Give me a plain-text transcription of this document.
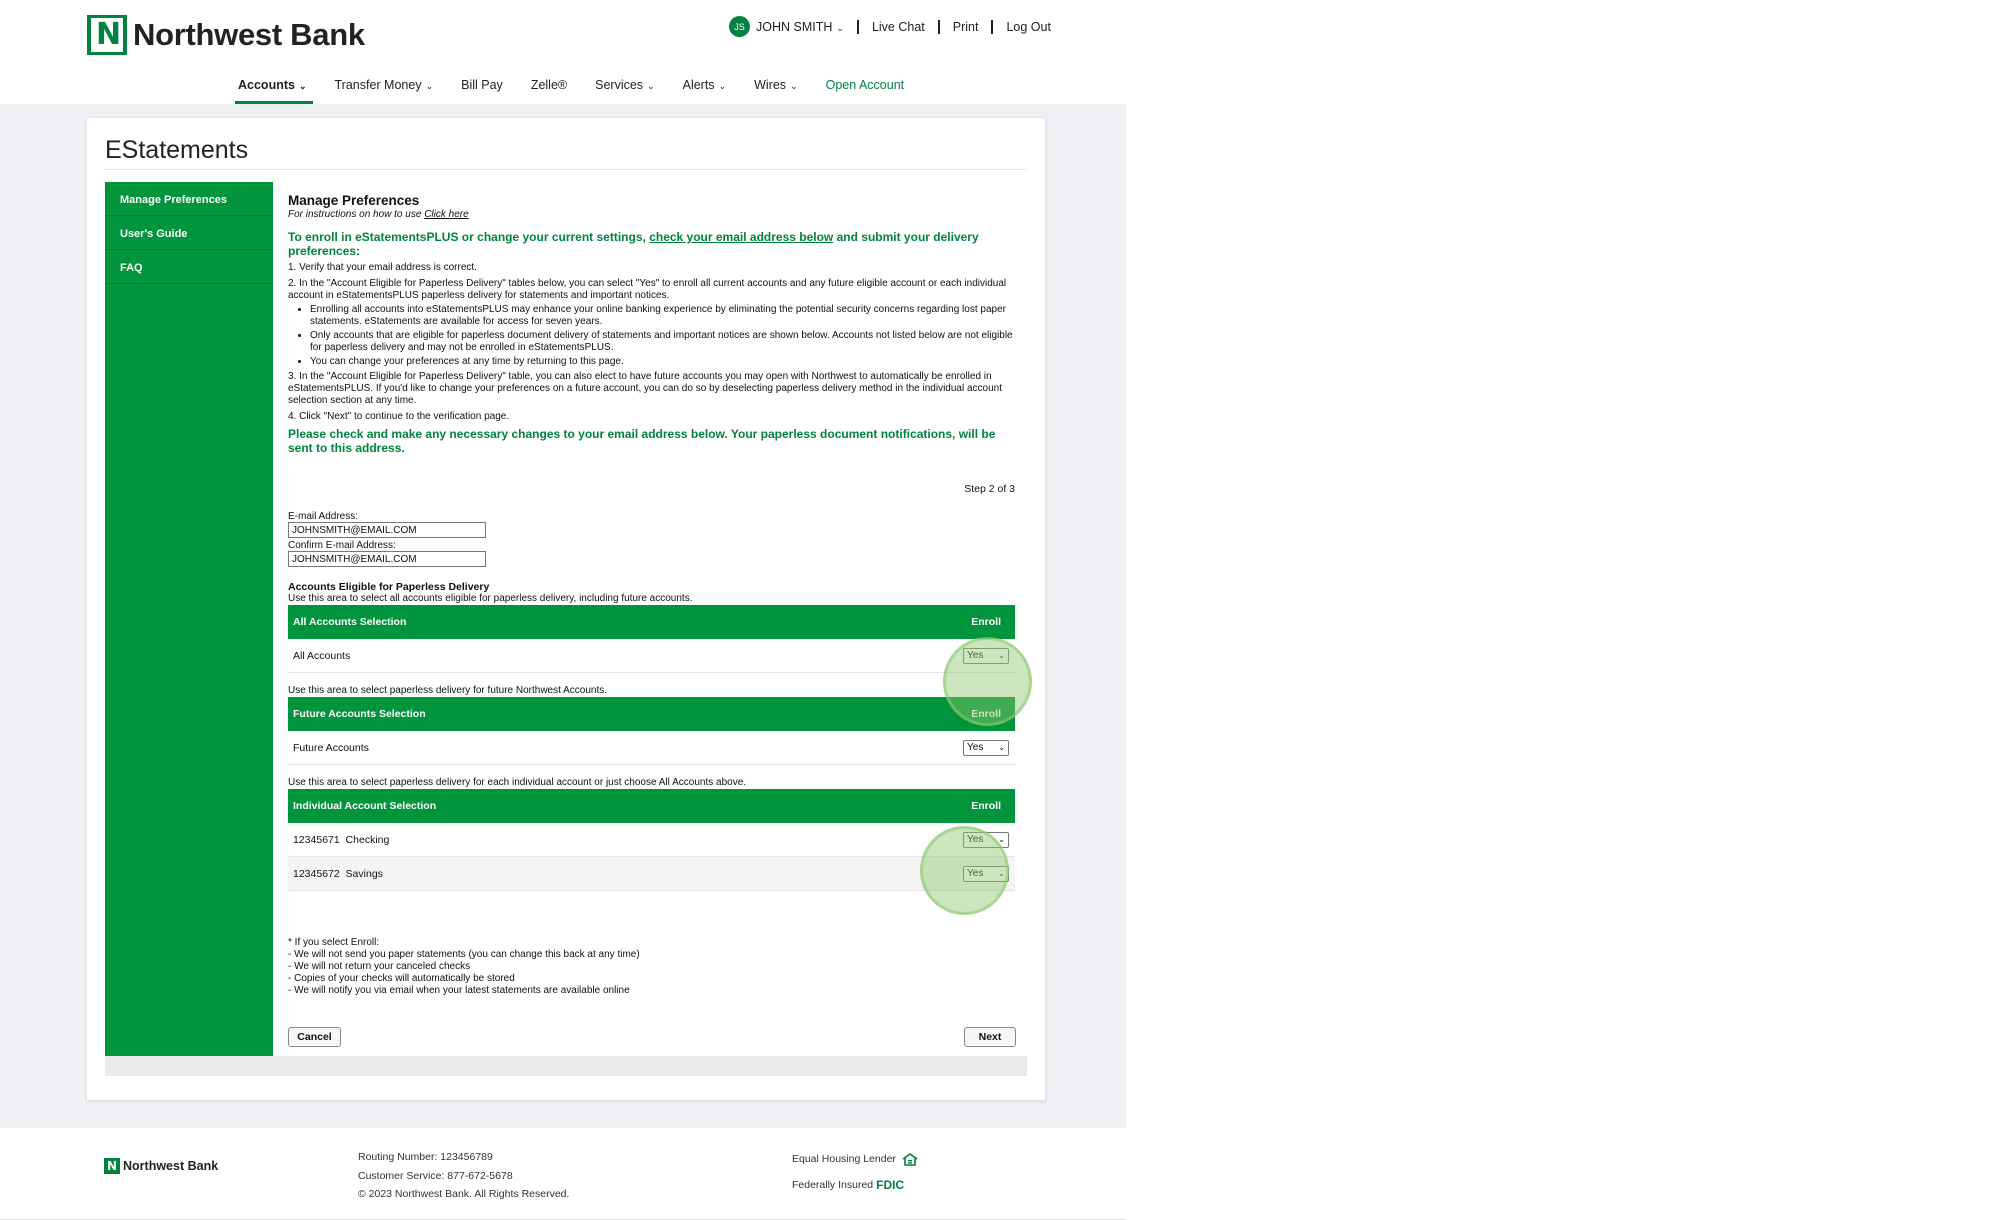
N
Northwest Bank	JS JOHN SMITH ⌄ Live Chat Print Log Out
Accounts ⌄ Transfer Money ⌄ Bill Pay Zelle® Services ⌄ Alerts ⌄ Wires ⌄ Open Account
EStatements
Manage Preferences
User's Guide
FAQ
Manage Preferences
For instructions on how to use Click here
To enroll in eStatementsPLUS or change your current settings, check your email address below and submit your delivery preferences:
1. Verify that your email address is correct.
2. In the "Account Eligible for Paperless Delivery" tables below, you can select "Yes" to enroll all current accounts and any future eligible account or each individual account in eStatementsPLUS paperless delivery for statements and important notices.
• Enrolling all accounts into eStatementsPLUS may enhance your online banking experience by eliminating the potential security concerns regarding lost paper statements. eStatements are available for access for seven years.
• Only accounts that are eligible for paperless document delivery of statements and important notices are shown below. Accounts not listed below are not eligible for paperless delivery and may not be enrolled in eStatementsPLUS.
• You can change your preferences at any time by returning to this page.
3. In the "Account Eligible for Paperless Delivery" table, you can also elect to have future accounts you may open with Northwest to automatically be enrolled in eStatementsPLUS. If you'd like to change your preferences on a future account, you can do so by deselecting paperless delivery method in the individual account selection section at any time.
4. Click "Next" to continue to the verification page.
Please check and make any necessary changes to your email address below. Your paperless document notifications, will be sent to this address.
Step 2 of 3
E-mail Address:
JOHNSMITH@EMAIL.COM
Confirm E-mail Address:
JOHNSMITH@EMAIL.COM
Accounts Eligible for Paperless Delivery
Use this area to select all accounts eligible for paperless delivery, including future accounts.
All Accounts Selection	Enroll
All Accounts	Yes ⌄
Use this area to select paperless delivery for future Northwest Accounts.
Future Accounts Selection	Enroll
Future Accounts	Yes ⌄
Use this area to select paperless delivery for each individual account or just choose All Accounts above.
Individual Account Selection	Enroll
12345671  Checking	Yes ⌄
12345672  Savings	Yes ⌄
* If you select Enroll:
- We will not send you paper statements (you can change this back at any time)
- We will not return your canceled checks
- Copies of your checks will automatically be stored
- We will notify you via email when your latest statements are available online
Cancel	Next
N Northwest Bank
Routing Number: 123456789
Customer Service: 877-672-5678
© 2023 Northwest Bank. All Rights Reserved.
Equal Housing Lender
Federally Insured FDIC
